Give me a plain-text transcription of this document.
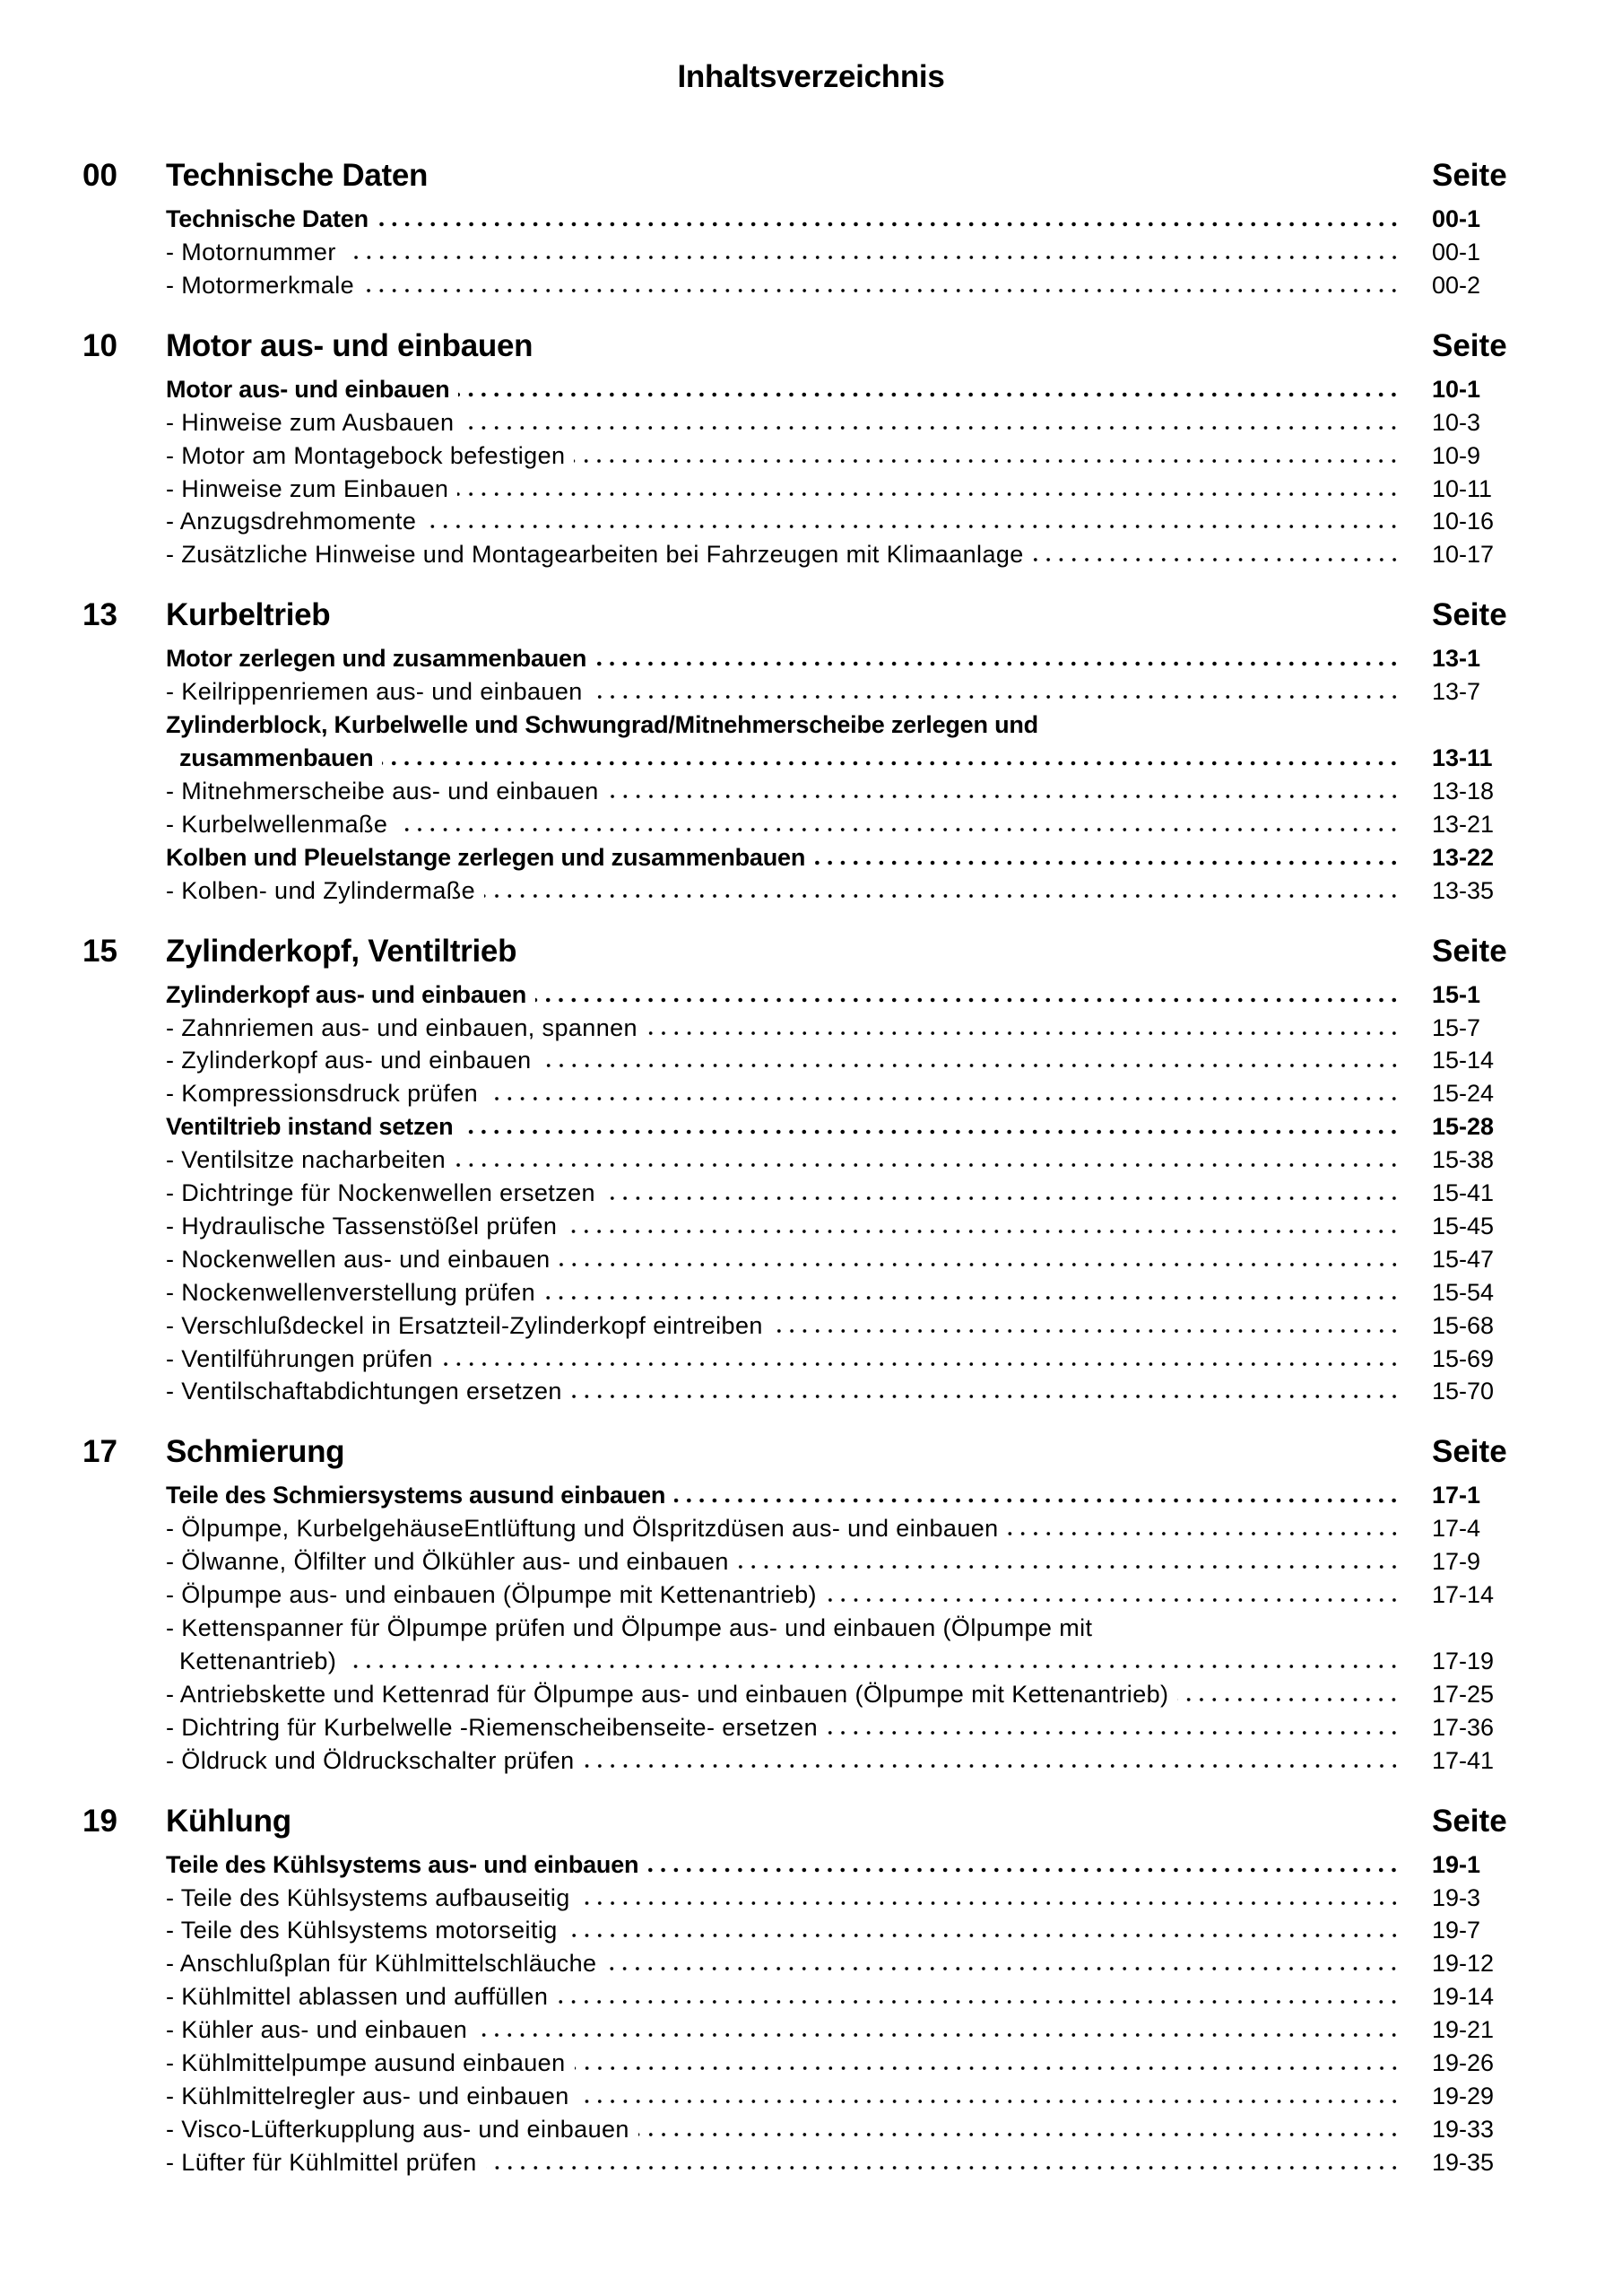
Inhaltsverzeichnis
00 Technische Daten	Seite
Technische Daten	00-1
- Motornummer	00-1
- Motormerkmale	00-2
10 Motor aus- und einbauen	Seite
Motor aus- und einbauen	10-1
- Hinweise zum Ausbauen	10-3
- Motor am Montagebock befestigen	10-9
- Hinweise zum Einbauen	10-11
- Anzugsdrehmomente	10-16
- Zusätzliche Hinweise und Montagearbeiten bei Fahrzeugen mit Klimaanlage	10-17
13 Kurbeltrieb	Seite
Motor zerlegen und zusammenbauen	13-1
- Keilrippenriemen aus- und einbauen	13-7
Zylinderblock, Kurbelwelle und Schwungrad/Mitnehmerscheibe zerlegen und
zusammenbauen	13-11
- Mitnehmerscheibe aus- und einbauen	13-18
- Kurbelwellenmaße	13-21
Kolben und Pleuelstange zerlegen und zusammenbauen	13-22
- Kolben- und Zylindermaße	13-35
15 Zylinderkopf, Ventiltrieb	Seite
Zylinderkopf aus- und einbauen	15-1
- Zahnriemen aus- und einbauen, spannen	15-7
- Zylinderkopf aus- und einbauen	15-14
- Kompressionsdruck prüfen	15-24
Ventiltrieb instand setzen	15-28
- Ventilsitze nacharbeiten	15-38
- Dichtringe für Nockenwellen ersetzen	15-41
- Hydraulische Tassenstößel prüfen	15-45
- Nockenwellen aus- und einbauen	15-47
- Nockenwellenverstellung prüfen	15-54
- Verschlußdeckel in Ersatzteil-Zylinderkopf eintreiben	15-68
- Ventilführungen prüfen	15-69
- Ventilschaftabdichtungen ersetzen	15-70
17 Schmierung	Seite
Teile des Schmiersystems ausund einbauen	17-1
- Ölpumpe, KurbelgehäuseEntlüftung und Ölspritzdüsen aus- und einbauen	17-4
- Ölwanne, Ölfilter und Ölkühler aus- und einbauen	17-9
- Ölpumpe aus- und einbauen (Ölpumpe mit Kettenantrieb)	17-14
- Kettenspanner für Ölpumpe prüfen und Ölpumpe aus- und einbauen (Ölpumpe mit
Kettenantrieb)	17-19
- Antriebskette und Kettenrad für Ölpumpe aus- und einbauen (Ölpumpe mit Kettenantrieb)	17-25
- Dichtring für Kurbelwelle -Riemenscheibenseite- ersetzen	17-36
- Öldruck und Öldruckschalter prüfen	17-41
19 Kühlung	Seite
Teile des Kühlsystems aus- und einbauen	19-1
- Teile des Kühlsystems aufbauseitig	19-3
- Teile des Kühlsystems motorseitig	19-7
- Anschlußplan für Kühlmittelschläuche	19-12
- Kühlmittel ablassen und auffüllen	19-14
- Kühler aus- und einbauen	19-21
- Kühlmittelpumpe ausund einbauen	19-26
- Kühlmittelregler aus- und einbauen	19-29
- Visco-Lüfterkupplung aus- und einbauen	19-33
- Lüfter für Kühlmittel prüfen	19-35
